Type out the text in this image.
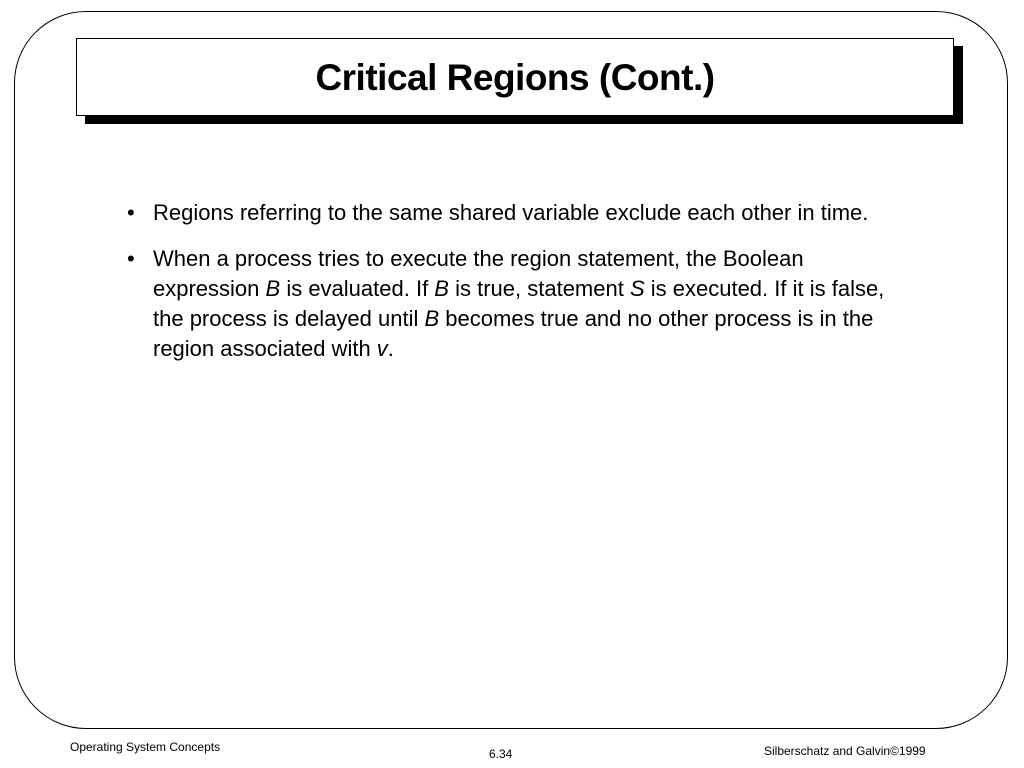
Critical Regions (Cont.)
• Regions referring to the same shared variable exclude each other in time.
• When a process tries to execute the region statement, the Boolean expression B is evaluated. If B is true, statement S is executed. If it is false, the process is delayed until B becomes true and no other process is in the region associated with v.
Operating System Concepts	6.34	Silberschatz and Galvin©1999
